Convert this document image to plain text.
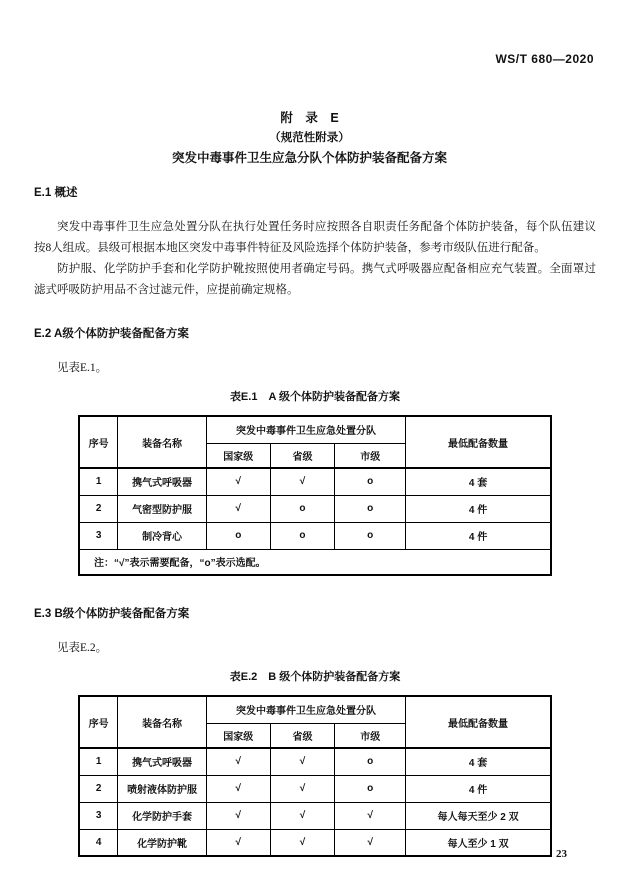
WS/T 680—2020
附　录　E
（规范性附录）
突发中毒事件卫生应急分队个体防护装备配备方案
E.1 概述

突发中毒事件卫生应急处置分队在执行处置任务时应按照各自职责任务配备个体防护装备，每个队伍建议按8人组成。县级可根据本地区突发中毒事件特征及风险选择个体防护装备，参考市级队伍进行配备。

防护服、化学防护手套和化学防护靴按照使用者确定号码。携气式呼吸器应配备相应充气装置。全面罩过滤式呼吸防护用品不含过滤元件，应提前确定规格。

E.2 A级个体防护装备配备方案

见表E.1。

表E.1　A 级个体防护装备配备方案
序号	装备名称	突发中毒事件卫生应急处置分队			最低配备数量
		国家级	省级	市级	
1	携气式呼吸器	√	√	o	4 套
2	气密型防护服	√	o	o	4 件
3	制冷背心	o	o	o	4 件
注：“√”表示需要配备，“o”表示选配。					
E.3 B级个体防护装备配备方案

见表E.2。

表E.2　B 级个体防护装备配备方案
序号	装备名称	突发中毒事件卫生应急处置分队			最低配备数量
		国家级	省级	市级	
1	携气式呼吸器	√	√	o	4 套
2	喷射液体防护服	√	√	o	4 件
3	化学防护手套	√	√	√	每人每天至少 2 双
4	化学防护靴	√	√	√	每人至少 1 双
23
